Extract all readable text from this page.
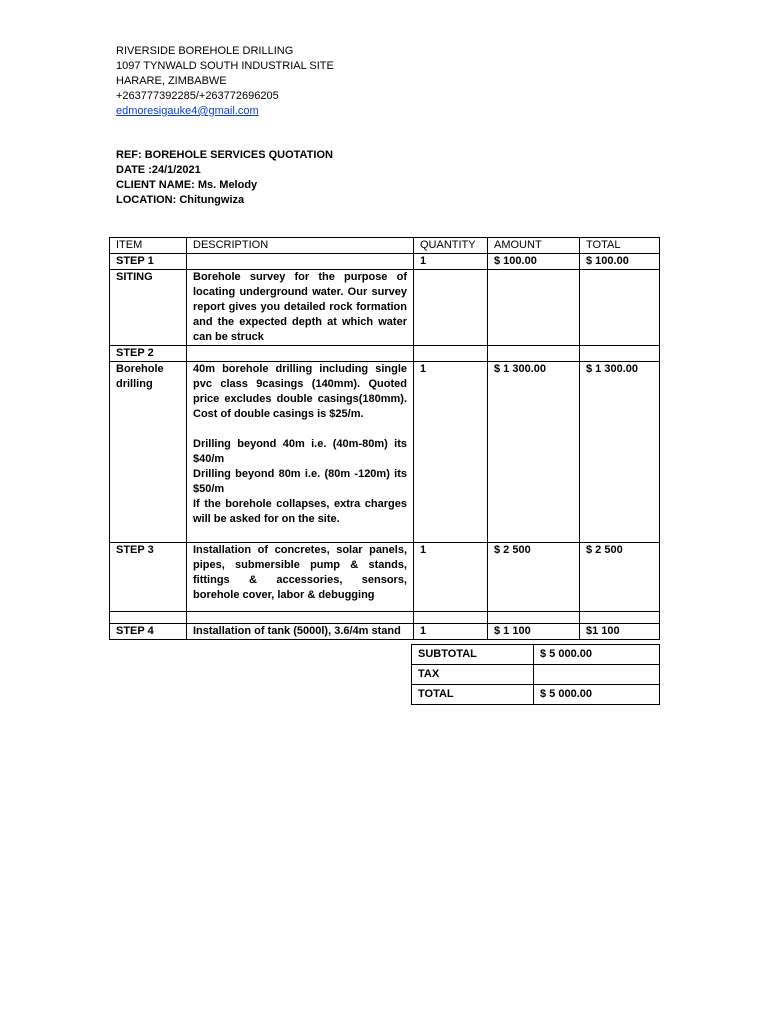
RIVERSIDE BOREHOLE DRILLING
1097 TYNWALD SOUTH INDUSTRIAL SITE
HARARE, ZIMBABWE
+263777392285/+263772696205
edmoresigauke4@gmail.com
REF: BOREHOLE SERVICES QUOTATION
DATE :24/1/2021
CLIENT NAME: Ms. Melody
LOCATION: Chitungwiza
ITEM	DESCRIPTION	QUANTITY	AMOUNT	TOTAL
STEP 1		1	$ 100.00	$ 100.00
SITING	Borehole survey for the purpose of locating underground water. Our survey report gives you detailed rock formation and the expected depth at which water can be struck			
STEP 2				
Borehole drilling	40m borehole drilling including single pvc class 9casings (140mm). Quoted price excludes double casings(180mm). Cost of double casings is $25/m.

Drilling beyond 40m i.e. (40m-80m) its $40/m

Drilling beyond 80m i.e. (80m -120m) its $50/m

If the borehole collapses, extra charges will be asked for on the site.	1	$ 1 300.00	$ 1 300.00
STEP 3	Installation of concretes, solar panels, pipes, submersible pump & stands, fittings & accessories, sensors, borehole cover, labor & debugging	1	$ 2 500	$ 2 500

STEP 4	Installation of tank (5000l), 3.6/4m stand	1	$ 1 100	$1 100
SUBTOTAL	$ 5 000.00
TAX	
TOTAL	$ 5 000.00
